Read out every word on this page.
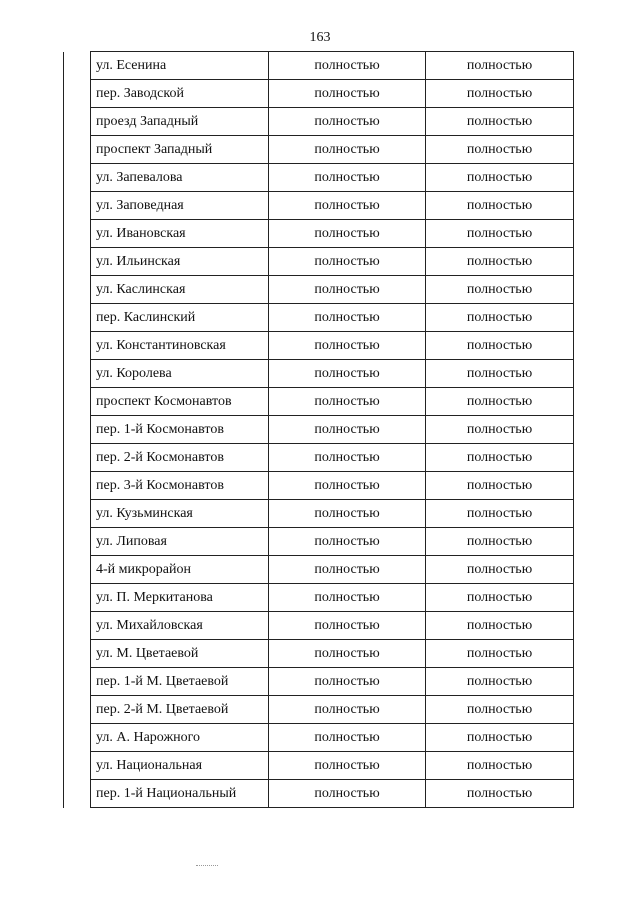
163
	ул. Есенина	полностью	полностью
	пер. Заводской	полностью	полностью
	проезд Западный	полностью	полностью
	проспект Западный	полностью	полностью
	ул. Запевалова	полностью	полностью
	ул. Заповедная	полностью	полностью
	ул. Ивановская	полностью	полностью
	ул. Ильинская	полностью	полностью
	ул. Каслинская	полностью	полностью
	пер. Каслинский	полностью	полностью
	ул. Константиновская	полностью	полностью
	ул. Королева	полностью	полностью
	проспект Космонавтов	полностью	полностью
	пер. 1-й Космонавтов	полностью	полностью
	пер. 2-й Космонавтов	полностью	полностью
	пер. 3-й Космонавтов	полностью	полностью
	ул. Кузьминская	полностью	полностью
	ул. Липовая	полностью	полностью
	4-й микрорайон	полностью	полностью
	ул. П. Меркитанова	полностью	полностью
	ул. Михайловская	полностью	полностью
	ул. М. Цветаевой	полностью	полностью
	пер. 1-й М. Цветаевой	полностью	полностью
	пер. 2-й М. Цветаевой	полностью	полностью
	ул. А. Нарожного	полностью	полностью
	ул. Национальная	полностью	полностью
	пер. 1-й Национальный	полностью	полностью
